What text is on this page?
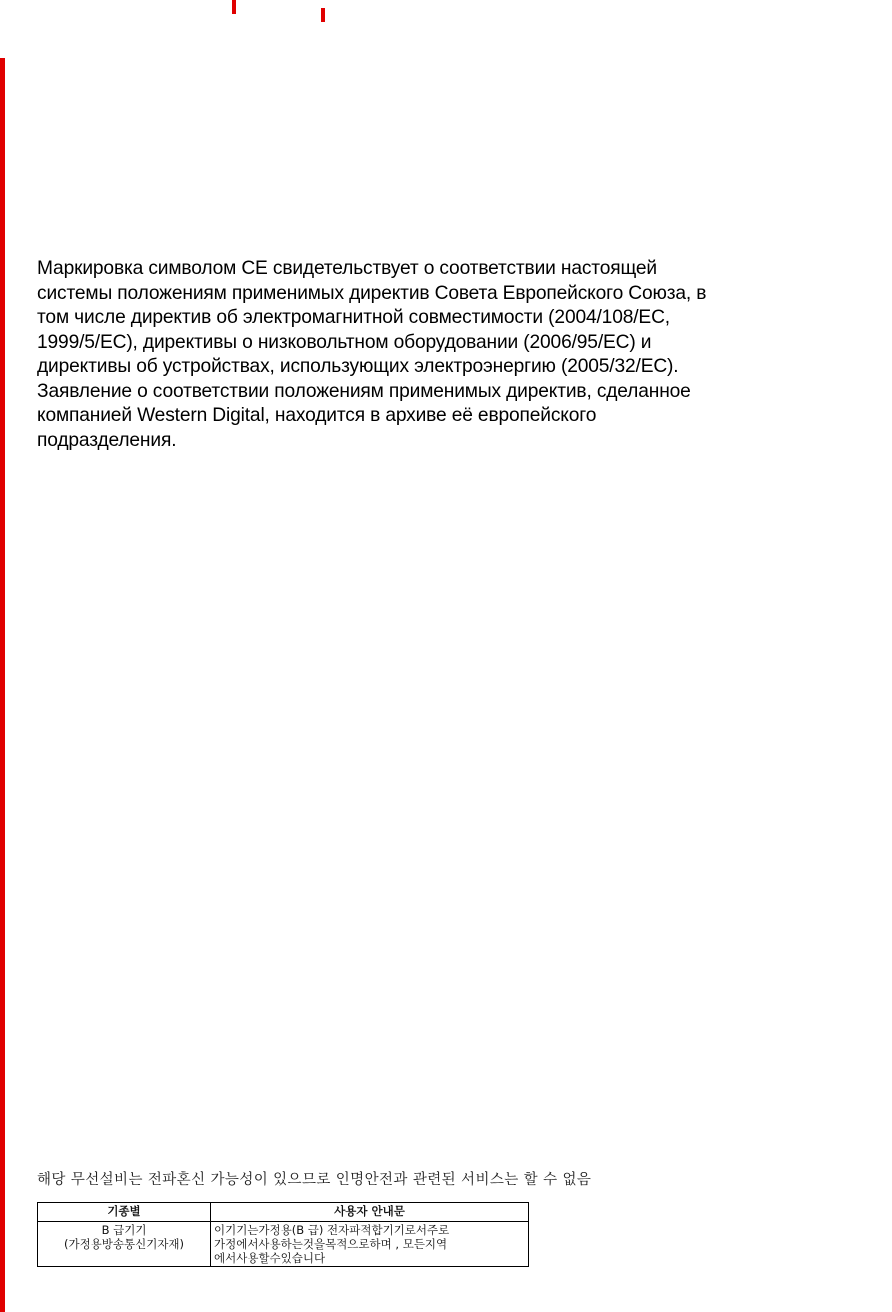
Маркировка символом CE свидетельствует о соответствии настоящей
системы положениям применимых директив Совета Европейского Союза, в
том числе директив об электромагнитной совместимости (2004/108/EC,
1999/5/EC), директивы о низковольтном оборудовании (2006/95/EC) и
директивы об устройствах, использующих электроэнергию (2005/32/EC).
Заявление о соответствии положениям применимых директив, сделанное
компанией Western Digital, находится в архиве её европейского
подразделения.

해당 무선설비는 전파혼신 가능성이 있으므로 인명안전과 관련된 서비스는 할 수 없음

기종별	사용자 안내문

B 급기기
(가정용방송통신기자재)	이기기는가정용(B 급) 전자파적합기기로서주로
가정에서사용하는것을목적으로하며 , 모든지역
에서사용할수있습니다
